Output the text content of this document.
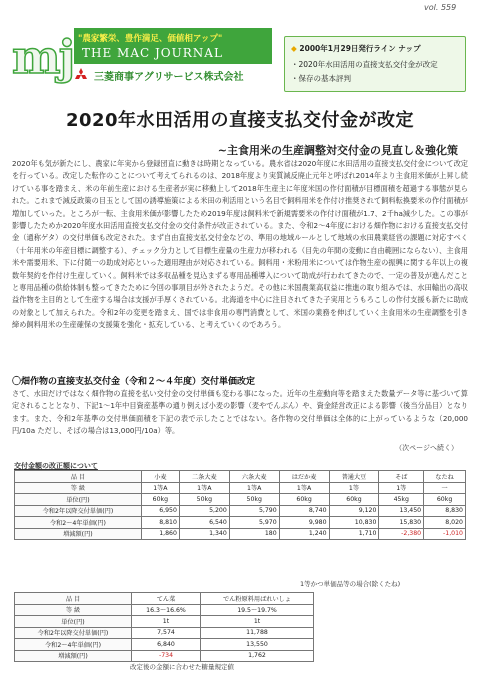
vol. 559
mj "農家繁栄、豊作満足、価値相アップ"
THE MAC JOURNAL
三菱商事アグリサービス株式会社
◆ 2000年1月29日発行ライン ナップ
・2020年水田活用の直接支払交付金が改定
・保存の基本評判
2020年水田活用の直接支払交付金が改定
~主食用米の生産調整対交付金の見直し＆強化策
2020年も気が新たにし、農家に年実から登録団直に動きは時期となっている。農水省は2020年度に水田活用の直接支払交付金について改定を行っている。改定した転作のことについて考えてられるのは、2018年度より実質減反廃止元年と呼ばれ2014年より主食用米価が上昇し続けている事を踏まえ、米の年前生産における生産者が実に移動上して2018年生産主に年度米国の作付面積が目標面積を超過する事態が見られた。これまで減反政策の目玉として国の誘導施策による米田の利活用という名目で飼料用米を作付け推奨されて飼料転換要米の作付面積が増加していった。ところが一転、主食用米価が影響したため2019年度は飼料米で新規需要米の作付け面積が1.7、2千ha減少した。この事が影響したためか2020年度水田活用直接支払交付金の交付条件が改正されている。また、令和2〜4年度における畑作物における直接支払交付金（通称ゲタ）の交付単価も改定された。まず自由直接支払交付金などの、準用の地域ルールとして地域の水田農業経営の課題に対応すべく（十年用米の年産目標に調整する）、チェック分力として目標生産量の生産力が移われる（目先の年間の変動に自由範囲にならない）、主食用米や需要用米、下に付随一の助成対応といった適用理由が対応されている。飼料用・米粉用米については作物生産の振興に関する年以上の複数年契約を作付け生産していく。飼料米では多収品種を見込まずる専用品種導入について助成が行われてきたので、一定の普及が進んだことと専用品種の供給体制も整ってきたために今回の事項目が外されたようだ。その他に米国農業高収益に推進の取り組みでは、水田輸出の高収益作物を主目的として生産する場合は支援が手厚くされている。北海道を中心に注目されてきた子実用とうもろこしの作付支援も新たに助成の対象として加えられた。令和2年の変更を踏まえ、国では非食用の専門消費として、米国の業務を伸ばしていく主食用米の生産調整を引き締め飼料用米の生産確保の支援策を強化・拡充している、と考えていくのであろう。
〇畑作物の直接支払交付金（令和２〜４年度）交付単価改定
さて、水田だけではなく畑作物の直接を払い交付金の交付単価も変わる事になった。近年の生産動向等を踏まえた数量データ等に基づいて算定されることとなり、下記1〜1年中目資産基準の通り例えば小麦の影響（麦やでんぷん）や、資金経営改正による影響（後当分品目）となります。また、令和2年基準の交付単価面積を下記の表で示したことではない。各作物の交付単価は全体的に上がっているような（20,000円/10a ただし、そばの場合は13,000円/10a）等。
（次ページへ続く）
交付金額の改正額について
品 目	小麦	二条大麦	六条大麦	はだか麦	普通大豆	そば	なたね
等 級	1等A	1等A	1等A	1等A	1等	1等	一
単位(円)	60kg	50kg	50kg	60kg	60kg	45kg	60kg
令和2年以降交付単価(円)	6,950	5,200	5,790	8,740	9,120	13,450	8,830
令和2〜4年単価(円)	8,810	6,540	5,970	9,980	10,830	15,830	8,020
増減額(円)	1,860	1,340	180	1,240	1,710	-2,380	-1,010
1等かつ単価品等の場合(除くたね)
品 目	てん菜	でん粉原料用ばれいしょ
等 級	16.3〜16.6%	19.5〜19.7%
単位(円)	1t	1t
令和2年以降交付単価(円)	7,574	11,788
令和2〜4年単価(円)	6,840	13,550
増減額(円)	-734	1,762
改定後の金額に合わせた糖量規定値
